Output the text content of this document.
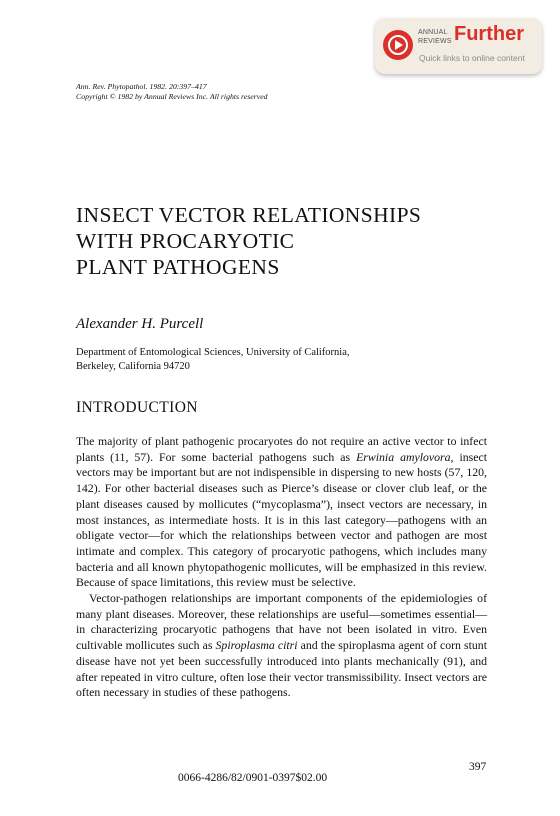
ANNUAL
REVIEWS Further
Quick links to online content
Ann. Rev. Phytopathol. 1982. 20:397–417
Copyright © 1982 by Annual Reviews Inc. All rights reserved
INSECT VECTOR RELATIONSHIPS
WITH PROCARYOTIC
PLANT PATHOGENS
Alexander H. Purcell
Department of Entomological Sciences, University of California,
Berkeley, California 94720
INTRODUCTION

The majority of plant pathogenic procaryotes do not require an active vector to infect plants (11, 57). For some bacterial pathogens such as Erwinia amylovora, insect vectors may be important but are not indispensible in dispersing to new hosts (57, 120, 142). For other bacterial diseases such as Pierce’s disease or clover club leaf, or the plant diseases caused by mollicutes (“mycoplasma”), insect vectors are necessary, in most instances, as intermediate hosts. It is in this last category—pathogens with an obligate vector—for which the relationships between vector and pathogen are most intimate and complex. This category of procaryotic pathogens, which includes many bacteria and all known phytopathogenic mollicutes, will be emphasized in this review. Because of space limitations, this review must be selective.

Vector-pathogen relationships are important components of the epidemiologies of many plant diseases. Moreover, these relationships are useful—sometimes essential—in characterizing procaryotic pathogens that have not been isolated in vitro. Even cultivable mollicutes such as Spiroplasma citri and the spiroplasma agent of corn stunt disease have not yet been successfully introduced into plants mechanically (91), and after repeated in vitro culture, often lose their vector transmissibility. Insect vectors are often necessary in studies of these pathogens.

397
0066-4286/82/0901-0397$02.00
